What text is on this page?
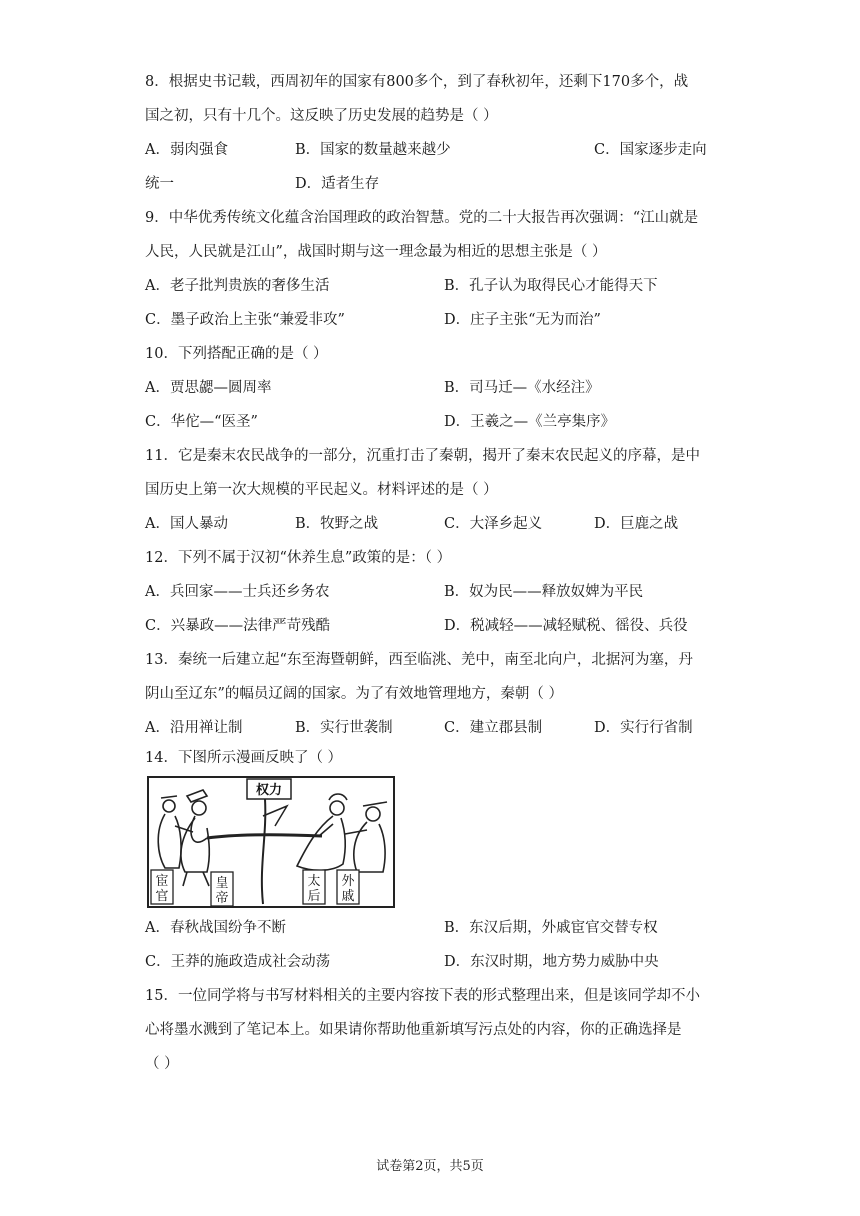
8．根据史书记载，西周初年的国家有800多个，到了春秋初年，还剩下170多个，战
国之初，只有十几个。这反映了历史发展的趋势是（ ）
A．弱肉强食	B．国家的数量越来越少	C．国家逐步走向
统一	D．适者生存
9．中华优秀传统文化蕴含治国理政的政治智慧。党的二十大报告再次强调：“江山就是
人民，人民就是江山”，战国时期与这一理念最为相近的思想主张是（ ）
A．老子批判贵族的奢侈生活	B．孔子认为取得民心才能得天下
C．墨子政治上主张“兼爱非攻”	D．庄子主张“无为而治”
10．下列搭配正确的是（ ）
A．贾思勰—圆周率	B．司马迁—《水经注》
C．华佗—“医圣”	D．王羲之—《兰亭集序》
11．它是秦末农民战争的一部分，沉重打击了秦朝，揭开了秦末农民起义的序幕，是中
国历史上第一次大规模的平民起义。材料评述的是（ ）
A．国人暴动	B．牧野之战	C．大泽乡起义	D．巨鹿之战
12．下列不属于汉初“休养生息”政策的是：（ ）
A．兵回家——士兵还乡务农	B．奴为民——释放奴婢为平民
C．兴暴政——法律严苛残酷	D．税减轻——减轻赋税、徭役、兵役
13．秦统一后建立起“东至海暨朝鲜，西至临洮、羌中，南至北向户，北据河为塞，丹
阴山至辽东”的幅员辽阔的国家。为了有效地管理地方，秦朝（ ）
A．沿用禅让制	B．实行世袭制	C．建立郡县制	D．实行行省制
14．下图所示漫画反映了（ ）
权力
宦
官
皇
帝
太
后
外
戚
A．春秋战国纷争不断	B．东汉后期，外戚宦官交替专权
C．王莽的施政造成社会动荡	D．东汉时期，地方势力威胁中央
15．一位同学将与书写材料相关的主要内容按下表的形式整理出来，但是该同学却不小
心将墨水溅到了笔记本上。如果请你帮助他重新填写污点处的内容，你的正确选择是
（ ）
试卷第2页，共5页
